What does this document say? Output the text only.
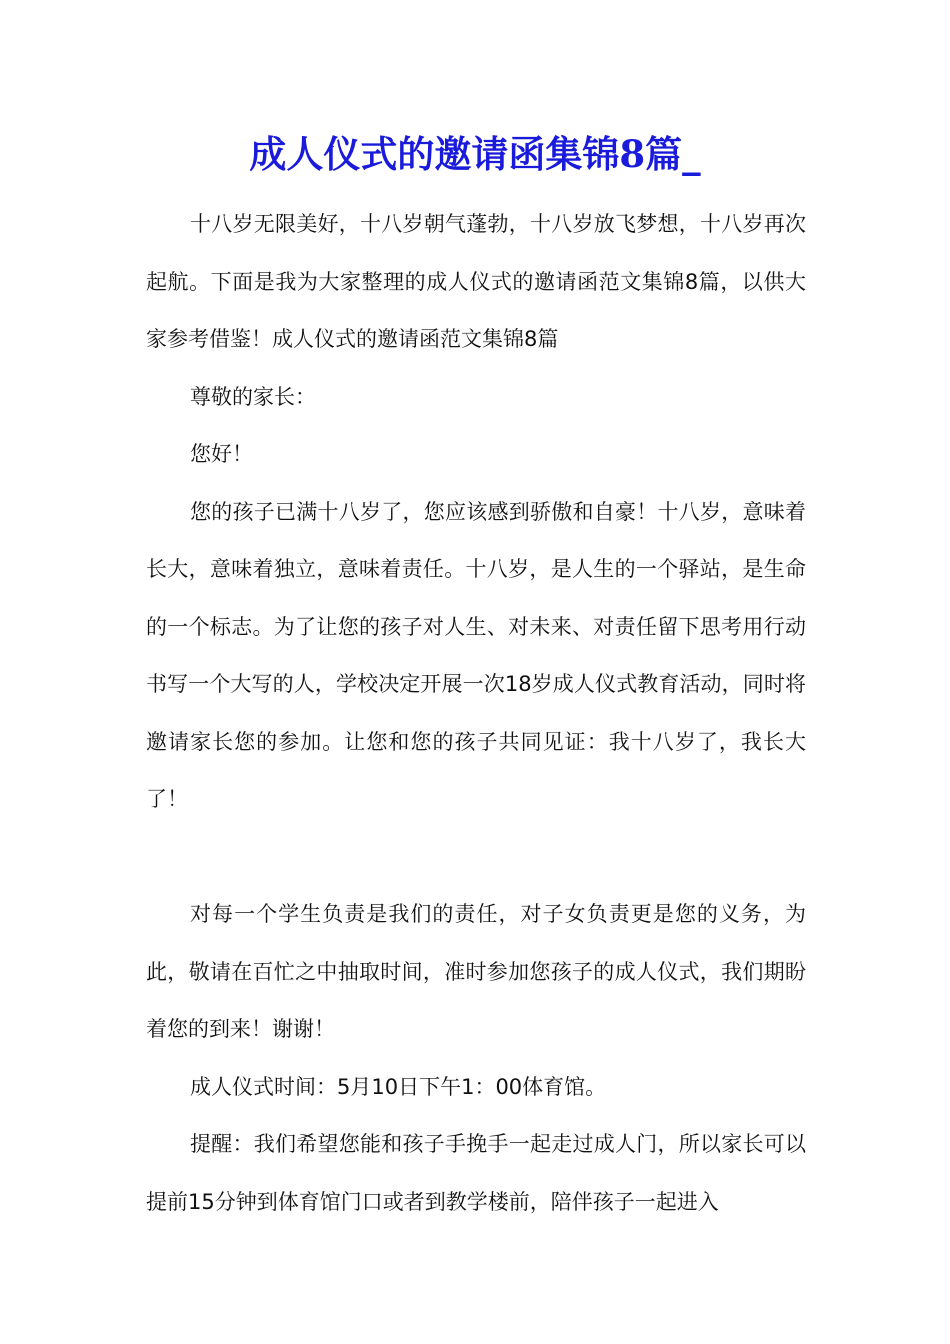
成人仪式的邀请函集锦8篇_

十八岁无限美好，十八岁朝气蓬勃，十八岁放飞梦想，十八岁再次起航。下面是我为大家整理的成人仪式的邀请函范文集锦8篇，以供大家参考借鉴！成人仪式的邀请函范文集锦8篇

尊敬的家长：

您好！

您的孩子已满十八岁了，您应该感到骄傲和自豪！十八岁，意味着长大，意味着独立，意味着责任。十八岁，是人生的一个驿站，是生命的一个标志。为了让您的孩子对人生、对未来、对责任留下思考用行动书写一个大写的人，学校决定开展一次18岁成人仪式教育活动，同时将邀请家长您的参加。让您和您的孩子共同见证：我十八岁了，我长大了！

对每一个学生负责是我们的责任，对子女负责更是您的义务，为此，敬请在百忙之中抽取时间，准时参加您孩子的成人仪式，我们期盼着您的到来！谢谢！

成人仪式时间：5月10日下午1：00体育馆。

提醒：我们希望您能和孩子手挽手一起走过成人门，所以家长可以提前15分钟到体育馆门口或者到教学楼前，陪伴孩子一起进入
